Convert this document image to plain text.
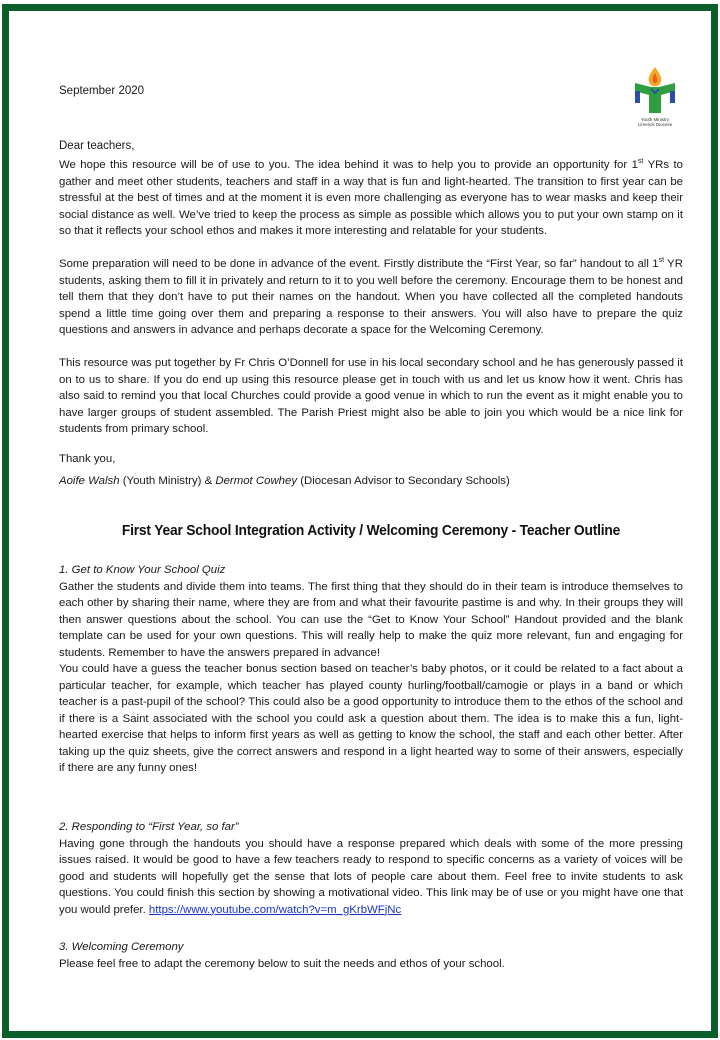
September 2020
Youth Ministry
Limerick Diocese
Dear teachers,

We hope this resource will be of use to you. The idea behind it was to help you to provide an opportunity for 1st YRs to gather and meet other students, teachers and staff in a way that is fun and light-hearted. The transition to first year can be stressful at the best of times and at the moment it is even more challenging as everyone has to wear masks and keep their social distance as well. We’ve tried to keep the process as simple as possible which allows you to put your own stamp on it so that it reflects your school ethos and makes it more interesting and relatable for your students.

Some preparation will need to be done in advance of the event. Firstly distribute the “First Year, so far” handout to all 1st YR students, asking them to fill it in privately and return to it to you well before the ceremony. Encourage them to be honest and tell them that they don’t have to put their names on the handout. When you have collected all the completed handouts spend a little time going over them and preparing a response to their answers. You will also have to prepare the quiz questions and answers in advance and perhaps decorate a space for the Welcoming Ceremony.

This resource was put together by Fr Chris O’Donnell for use in his local secondary school and he has generously passed it on to us to share. If you do end up using this resource please get in touch with us and let us know how it went. Chris has also said to remind you that local Churches could provide a good venue in which to run the event as it might enable you to have larger groups of student assembled. The Parish Priest might also be able to join you which would be a nice link for students from primary school.

Thank you,
Aoife Walsh (Youth Ministry) & Dermot Cowhey (Diocesan Advisor to Secondary Schools)
First Year School Integration Activity / Welcoming Ceremony - Teacher Outline
1. Get to Know Your School Quiz

Gather the students and divide them into teams. The first thing that they should do in their team is introduce themselves to each other by sharing their name, where they are from and what their favourite pastime is and why. In their groups they will then answer questions about the school. You can use the “Get to Know Your School” Handout provided and the blank template can be used for your own questions. This will really help to make the quiz more relevant, fun and engaging for students. Remember to have the answers prepared in advance!

You could have a guess the teacher bonus section based on teacher’s baby photos, or it could be related to a fact about a particular teacher, for example, which teacher has played county hurling/football/camogie or plays in a band or which teacher is a past-pupil of the school? This could also be a good opportunity to introduce them to the ethos of the school and if there is a Saint associated with the school you could ask a question about them. The idea is to make this a fun, light-hearted exercise that helps to inform first years as well as getting to know the school, the staff and each other better. After taking up the quiz sheets, give the correct answers and respond in a light hearted way to some of their answers, especially if there are any funny ones!

2. Responding to “First Year, so far”

Having gone through the handouts you should have a response prepared which deals with some of the more pressing issues raised. It would be good to have a few teachers ready to respond to specific concerns as a variety of voices will be good and students will hopefully get the sense that lots of people care about them. Feel free to invite students to ask questions. You could finish this section by showing a motivational video. This link may be of use or you might have one that you would prefer. https://www.youtube.com/watch?v=m_gKrbWFjNc

3. Welcoming Ceremony

Please feel free to adapt the ceremony below to suit the needs and ethos of your school.
